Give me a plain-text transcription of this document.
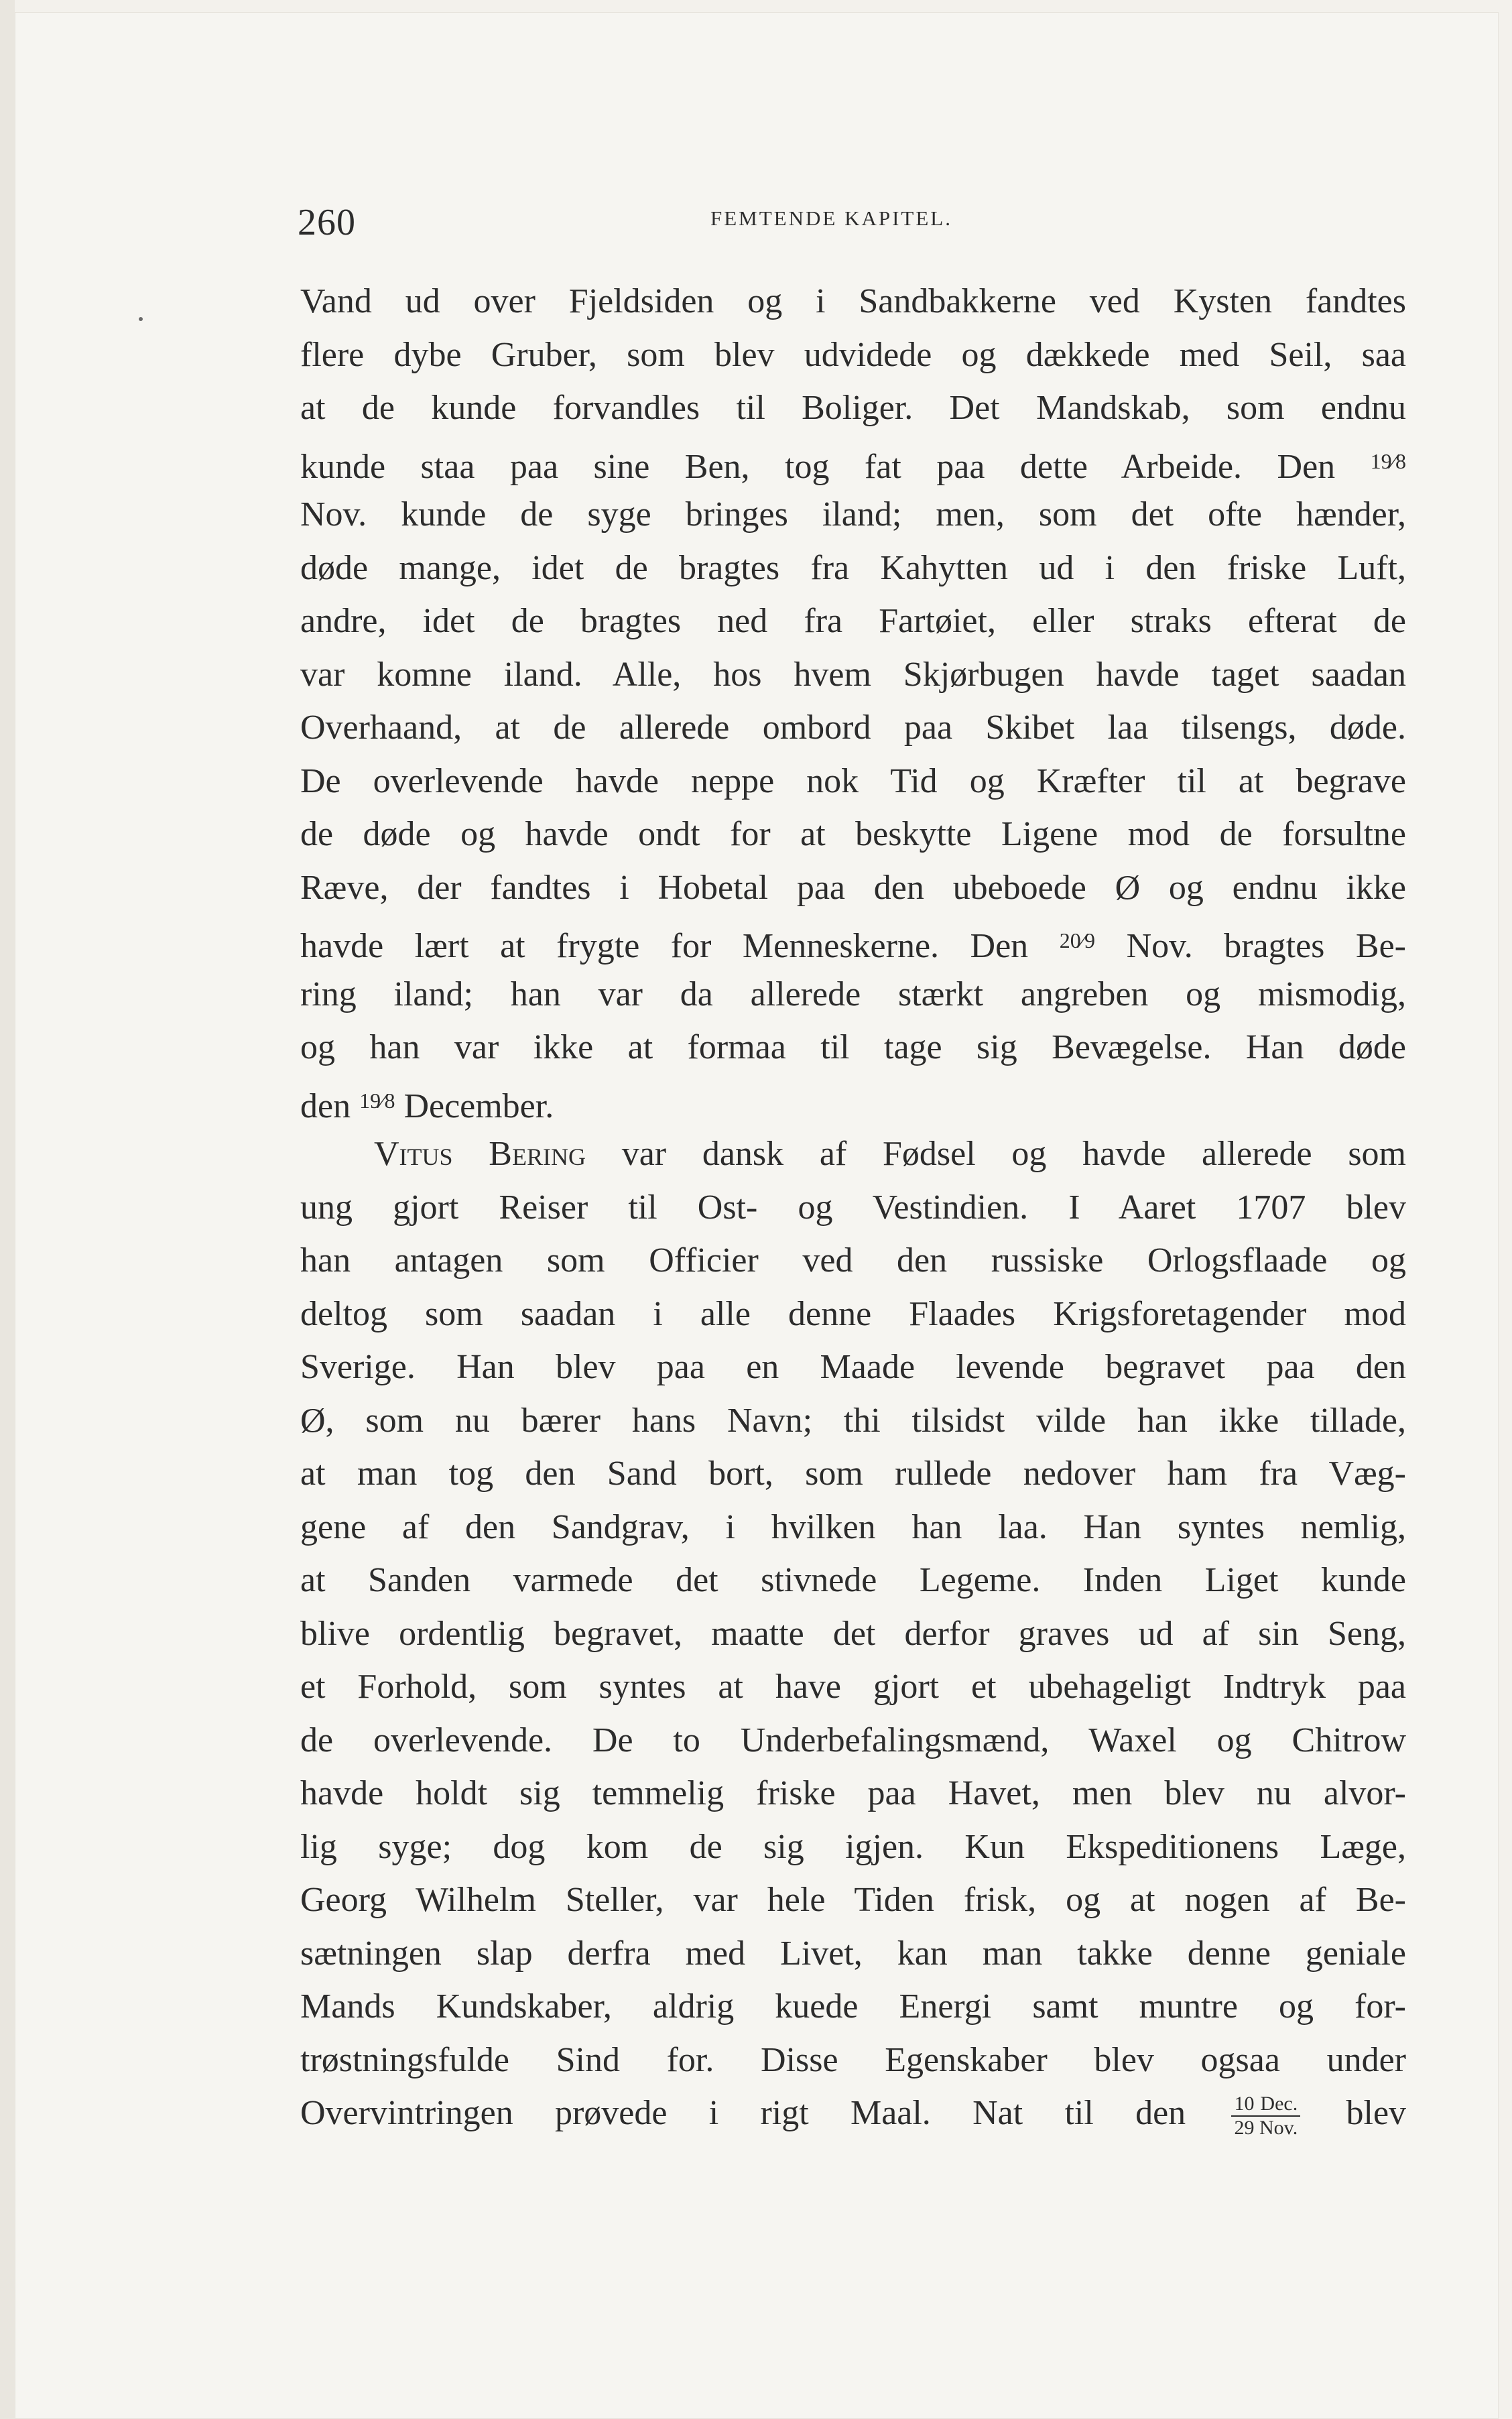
260	FEMTENDE KAPITEL.
Vand ud over Fjeldsiden og i Sandbakkerne ved Kysten fandtes
flere dybe Gruber, som blev udvidede og dækkede med Seil, saa
at de kunde forvandles til Boliger. Det Mandskab, som endnu
kunde staa paa sine Ben, tog fat paa dette Arbeide. Den $^{19⁄8}$
Nov. kunde de syge bringes iland; men, som det ofte hænder,
døde mange, idet de bragtes fra Kahytten ud i den friske Luft,
andre, idet de bragtes ned fra Fartøiet, eller straks efterat de
var komne iland. Alle, hos hvem Skjørbugen havde taget saadan
Overhaand, at de allerede ombord paa Skibet laa tilsengs, døde.
De overlevende havde neppe nok Tid og Kræfter til at begrave
de døde og havde ondt for at beskytte Ligene mod de forsultne
Ræve, der fandtes i Hobetal paa den ubeboede Ø og endnu ikke
havde lært at frygte for Menneskerne. Den $^{20⁄9}$ Nov. bragtes Be-
ring iland; han var da allerede stærkt angreben og mismodig,
og han var ikke at formaa til tage sig Bevægelse. Han døde
den $^{19⁄8}$ December.
Vitus Bering var dansk af Fødsel og havde allerede som
ung gjort Reiser til Ost- og Vestindien. I Aaret 1707 blev
han antagen som Officier ved den russiske Orlogsflaade og
deltog som saadan i alle denne Flaades Krigsforetagender mod
Sverige. Han blev paa en Maade levende begravet paa den
Ø, som nu bærer hans Navn; thi tilsidst vilde han ikke tillade,
at man tog den Sand bort, som rullede nedover ham fra Væg-
gene af den Sandgrav, i hvilken han laa. Han syntes nemlig,
at Sanden varmede det stivnede Legeme. Inden Liget kunde
blive ordentlig begravet, maatte det derfor graves ud af sin Seng,
et Forhold, som syntes at have gjort et ubehageligt Indtryk paa
de overlevende. De to Underbefalingsmænd, Waxel og Chitrow
havde holdt sig temmelig friske paa Havet, men blev nu alvor-
lig syge; dog kom de sig igjen. Kun Ekspeditionens Læge,
Georg Wilhelm Steller, var hele Tiden frisk, og at nogen af Be-
sætningen slap derfra med Livet, kan man takke denne geniale
Mands Kundskaber, aldrig kuede Energi samt muntre og for-
trøstningsfulde Sind for. Disse Egenskaber blev ogsaa under
Overvintringen prøvede i rigt Maal. Nat til den $\frac{\text{10 Dec.}}{\text{29 Nov.}}$ blev
